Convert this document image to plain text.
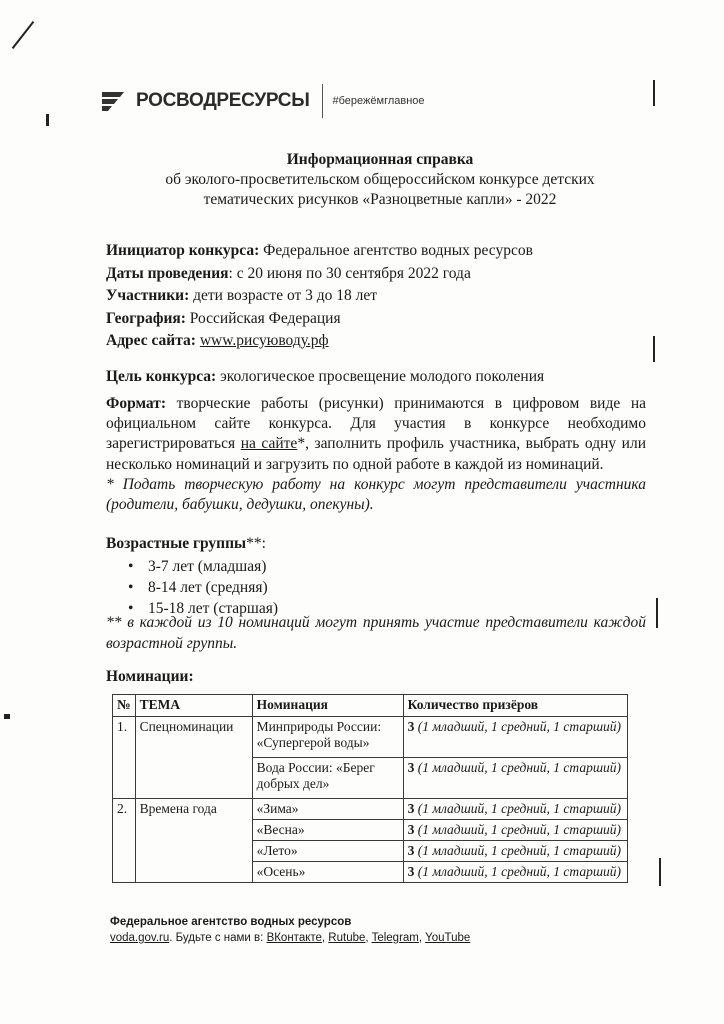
РОСВОДРЕСУРСЫ #бережёмглавное
Информационная справка
об эколого-просветительском общероссийском конкурсе детских
тематических рисунков «Разноцветные капли» - 2022
Инициатор конкурса: Федеральное агентство водных ресурсов
Даты проведения: с 20 июня по 30 сентября 2022 года
Участники: дети возрасте от 3 до 18 лет
География: Российская Федерация
Адрес сайта: www.рисуюводу.рф
Цель конкурса: экологическое просвещение молодого поколения

Формат: творческие работы (рисунки) принимаются в цифровом виде на официальном сайте конкурса. Для участия в конкурсе необходимо зарегистрироваться на сайте*, заполнить профиль участника, выбрать одну или несколько номинаций и загрузить по одной работе в каждой из номинаций.

* Подать творческую работу на конкурс могут представители участника (родители, бабушки, дедушки, опекуны).

Возрастные группы**:
• 3-7 лет (младшая)
• 8-14 лет (средняя)
• 15-18 лет (старшая)

** в каждой из 10 номинаций могут принять участие представители каждой возрастной группы.

Номинации:
№	ТЕМА	Номинация	Количество призёров
1.	Спецноминации	Минприроды России: «Супергерой воды»	3 (1 младший, 1 средний, 1 старший)
		Вода России: «Берег добрых дел»	3 (1 младший, 1 средний, 1 старший)
2.	Времена года	«Зима»	3 (1 младший, 1 средний, 1 старший)
		«Весна»	3 (1 младший, 1 средний, 1 старший)
		«Лето»	3 (1 младший, 1 средний, 1 старший)
		«Осень»	3 (1 младший, 1 средний, 1 старший)
Федеральное агентство водных ресурсов
voda.gov.ru. Будьте с нами в: ВКонтакте, Rutube, Telegram, YouTube
